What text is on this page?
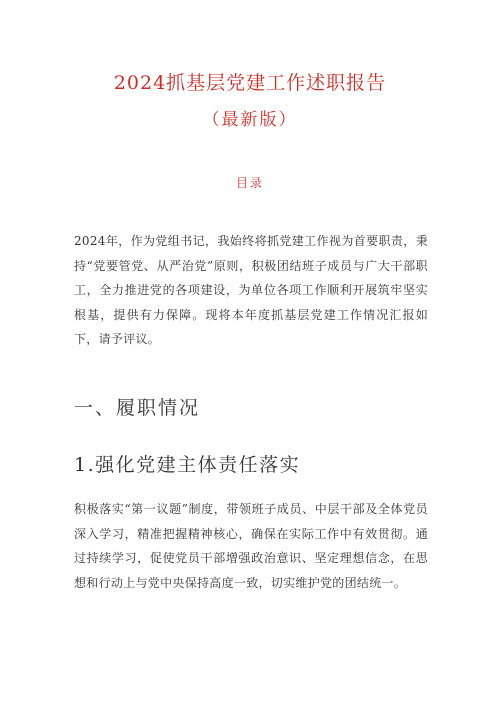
2024抓基层党建工作述职报告
（最新版）
目录
2024年，作为党组书记，我始终将抓党建工作视为首要职责，秉持“党要管党、从严治党”原则，积极团结班子成员与广大干部职工，全力推进党的各项建设，为单位各项工作顺利开展筑牢坚实根基，提供有力保障。现将本年度抓基层党建工作情况汇报如下，请予评议。
一、履职情况
1.强化党建主体责任落实
积极落实“第一议题”制度，带领班子成员、中层干部及全体党员深入学习，精准把握精神核心，确保在实际工作中有效贯彻。通过持续学习，促使党员干部增强政治意识、坚定理想信念，在思想和行动上与党中央保持高度一致，切实维护党的团结统一。
